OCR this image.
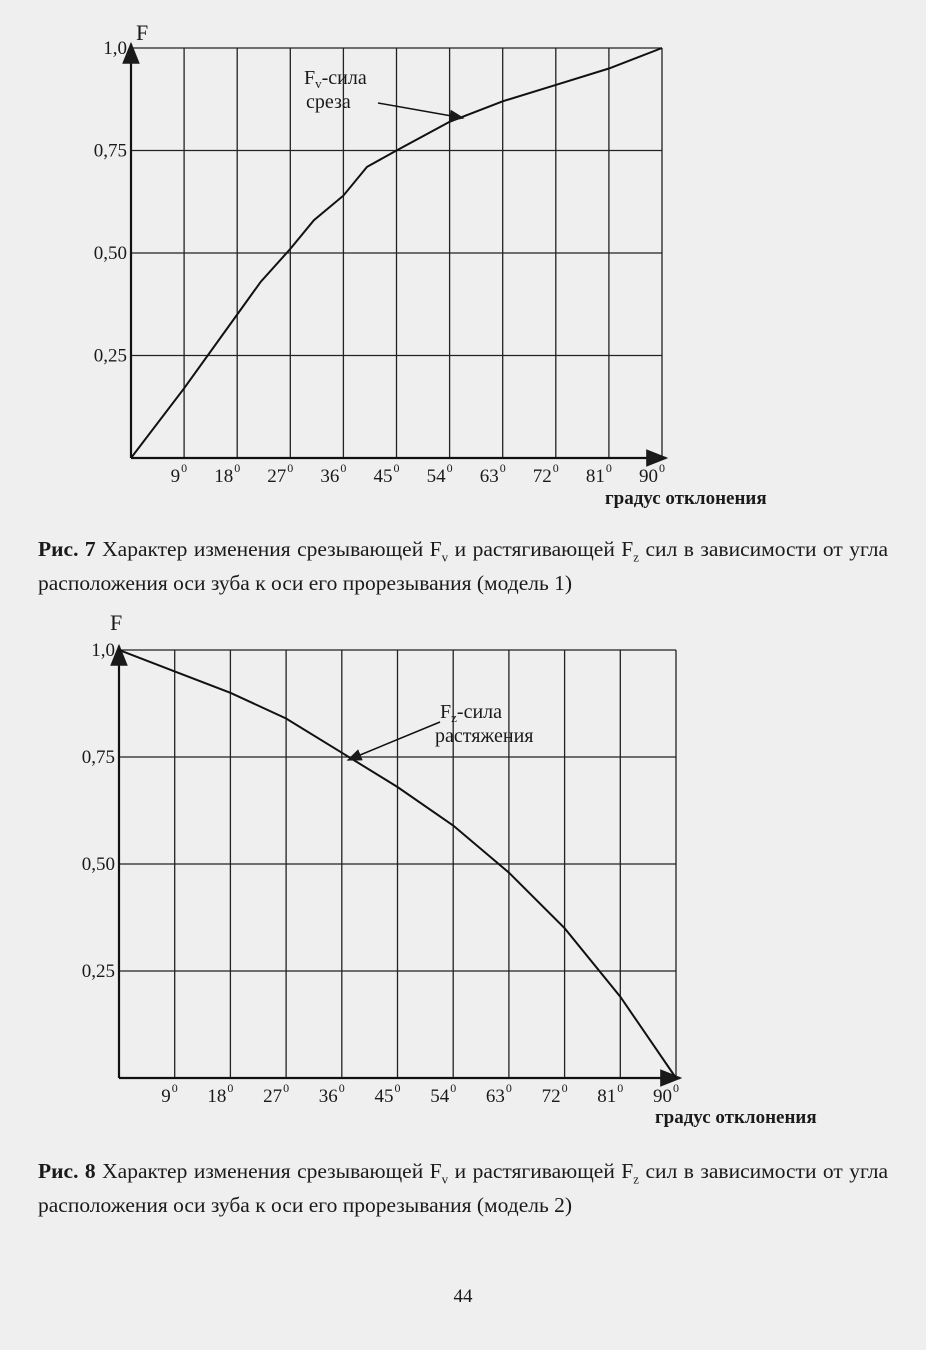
0,25
0,50
0,75
1,0
9 0 18 0 27 0 36 0 45 0 54 0 63 0 72 0 81 0 90 0
F
градус отклонения
$F_v$-сила
среза
0,25
0,50
0,75
1,0
9 0 18 0 27 0 36 0 45 0 54 0 63 0 72 0 81 0 90 0
F
градус отклонения
$F_z$-сила
растяжения
Рис. 7 Характер изменения срезывающей $F_v$ и растягивающей $F_z$ сил в зависимости от угла расположения оси зуба к оси его прорезывания (модель 1)
Рис. 8 Характер изменения срезывающей $F_v$ и растягивающей $F_z$ сил в зависимости от угла расположения оси зуба к оси его прорезывания (модель 2)
44
